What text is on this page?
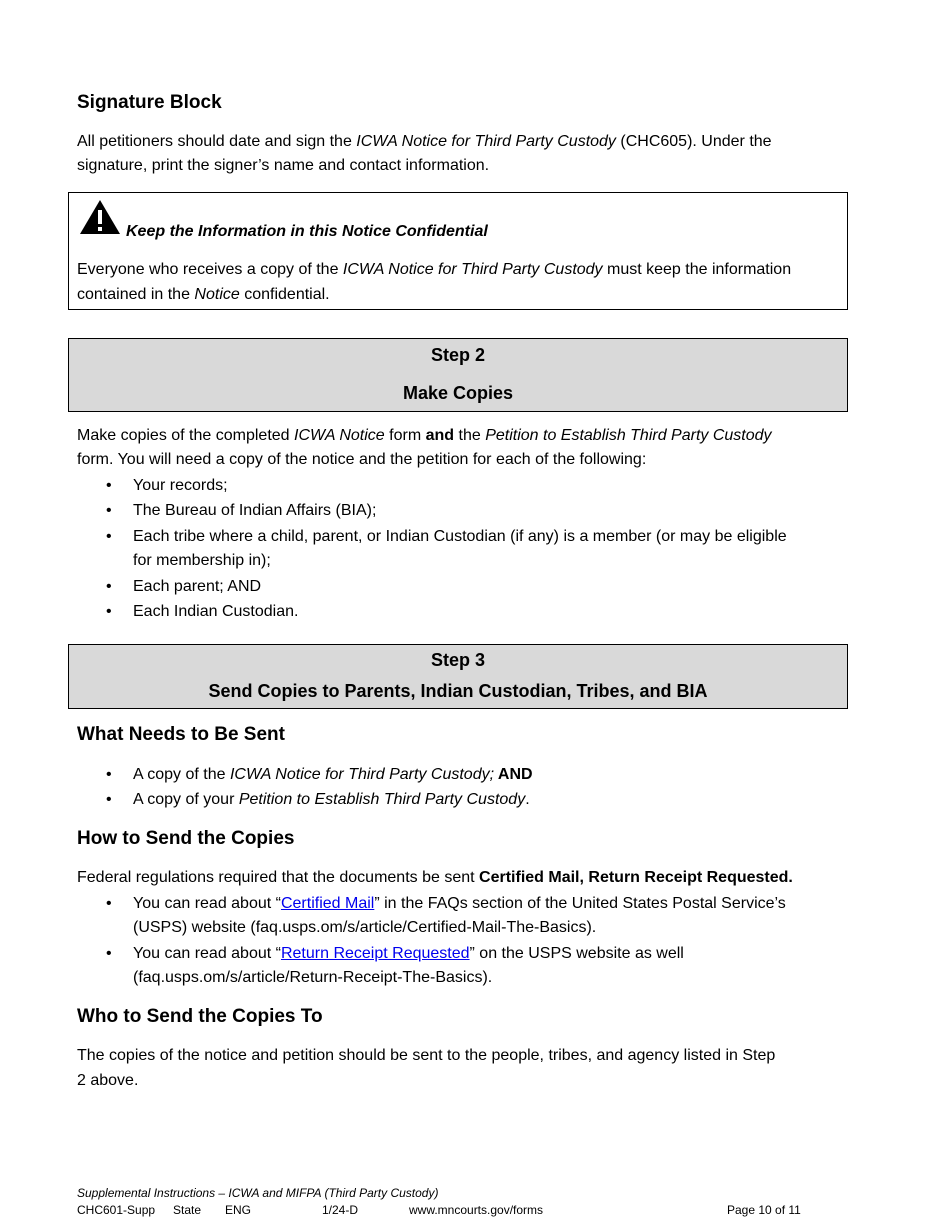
Signature Block
All petitioners should date and sign the ICWA Notice for Third Party Custody (CHC605). Under the
signature, print the signer’s name and contact information.
Keep the Information in this Notice Confidential
Everyone who receives a copy of the ICWA Notice for Third Party Custody must keep the information
contained in the Notice confidential.
Step 2
Make Copies
Make copies of the completed ICWA Notice form and the Petition to Establish Third Party Custody
form. You will need a copy of the notice and the petition for each of the following:
• Your records;
• The Bureau of Indian Affairs (BIA);
• Each tribe where a child, parent, or Indian Custodian (if any) is a member (or may be eligible
for membership in);
• Each parent; AND
• Each Indian Custodian.
Step 3
Send Copies to Parents, Indian Custodian, Tribes, and BIA
What Needs to Be Sent
• A copy of the ICWA Notice for Third Party Custody; AND
• A copy of your Petition to Establish Third Party Custody.
How to Send the Copies
Federal regulations required that the documents be sent Certified Mail, Return Receipt Requested.
• You can read about “Certified Mail” in the FAQs section of the United States Postal Service’s
(USPS) website (faq.usps.om/s/article/Certified-Mail-The-Basics).
• You can read about “Return Receipt Requested” on the USPS website as well
(faq.usps.om/s/article/Return-Receipt-The-Basics).
Who to Send the Copies To
The copies of the notice and petition should be sent to the people, tribes, and agency listed in Step
2 above.
Supplemental Instructions – ICWA and MIFPA (Third Party Custody)
CHC601-Supp State ENG	1/24-D	www.mncourts.gov/forms	Page 10 of 11
